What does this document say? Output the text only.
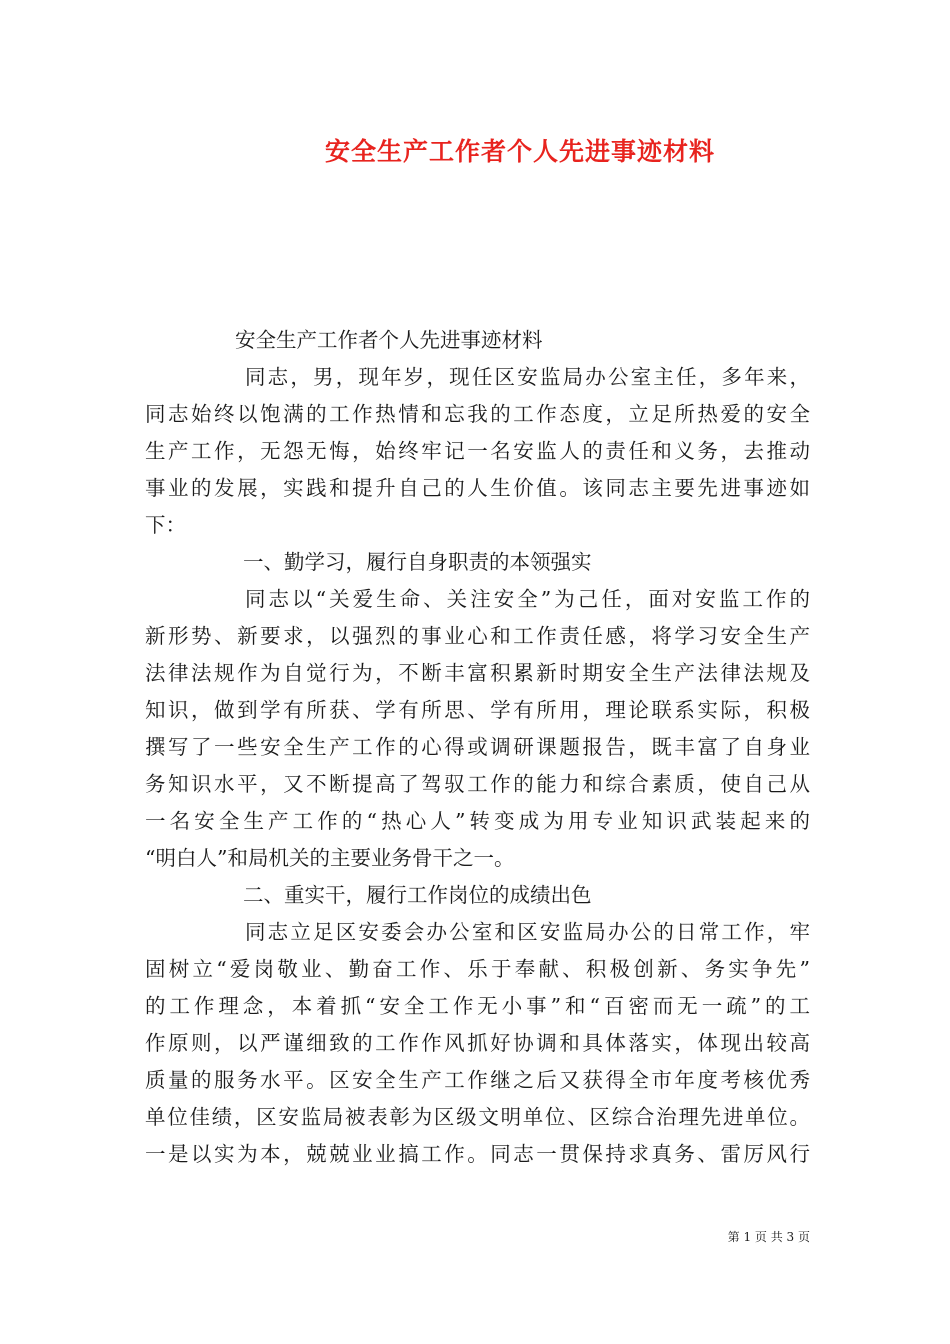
安全生产工作者个人先进事迹材料
安全生产工作者个人先进事迹材料
同志，男，现年岁，现任区安监局办公室主任，多年来，
同志始终以饱满的工作热情和忘我的工作态度，立足所热爱的安全
生产工作，无怨无悔，始终牢记一名安监人的责任和义务，去推动
事业的发展，实践和提升自己的人生价值。该同志主要先进事迹如
下：
一、勤学习，履行自身职责的本领强实
同志以“关爱生命、关注安全”为己任，面对安监工作的
新形势、新要求，以强烈的事业心和工作责任感，将学习安全生产
法律法规作为自觉行为，不断丰富积累新时期安全生产法律法规及
知识，做到学有所获、学有所思、学有所用，理论联系实际，积极
撰写了一些安全生产工作的心得或调研课题报告，既丰富了自身业
务知识水平，又不断提高了驾驭工作的能力和综合素质，使自己从
一名安全生产工作的“热心人”转变成为用专业知识武装起来的
“明白人”和局机关的主要业务骨干之一。
二、重实干，履行工作岗位的成绩出色
同志立足区安委会办公室和区安监局办公的日常工作，牢
固树立“爱岗敬业、勤奋工作、乐于奉献、积极创新、务实争先”
的工作理念，本着抓“安全工作无小事”和“百密而无一疏”的工
作原则，以严谨细致的工作作风抓好协调和具体落实，体现出较高
质量的服务水平。区安全生产工作继之后又获得全市年度考核优秀
单位佳绩，区安监局被表彰为区级文明单位、区综合治理先进单位。
一是以实为本，兢兢业业搞工作。同志一贯保持求真务、雷厉风行
第 1 页 共 3 页
